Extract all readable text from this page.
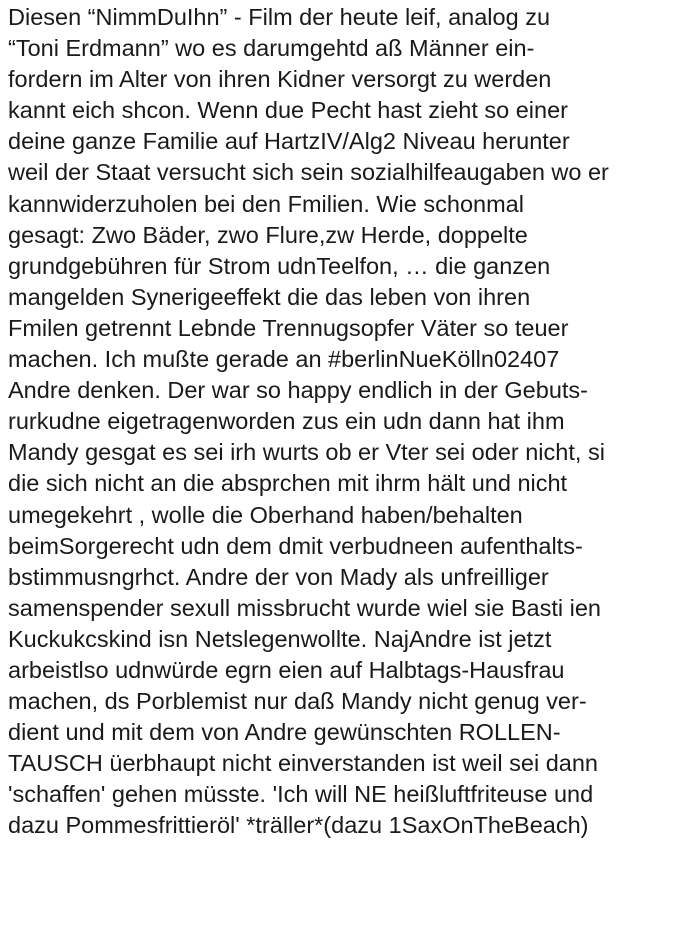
Diesen “NimmDuIhn” - Film der heute leif, analog zu
“Toni Erdmann” wo es darumgehtd aß Männer ein-
fordern im Alter von ihren Kidner versorgt zu werden
kannt eich shcon. Wenn due Pecht hast zieht so einer
deine ganze Familie auf HartzIV/Alg2 Niveau herunter
weil der Staat versucht sich sein sozialhilfeaugaben wo er
kannwiderzuholen bei den Fmilien. Wie schonmal
gesagt: Zwo Bäder, zwo Flure,zw Herde, doppelte
grundgebühren für Strom udnTeelfon, … die ganzen
mangelden Synerigeeffekt die das leben von ihren
Fmilen getrennt Lebnde Trennugsopfer Väter so teuer
machen. Ich mußte gerade an #berlinNueKölln02407
Andre denken. Der war so happy endlich in der Gebuts-
rurkudne eigetragenworden zus ein udn dann hat ihm
Mandy gesgat es sei irh wurts ob er Vter sei oder nicht, si
die sich nicht an die absprchen mit ihrm hält und nicht
umegekehrt , wolle die Oberhand haben/behalten
beimSorgerecht udn dem dmit verbudneen aufenthalts-
bstimmusngrhct. Andre der von Mady als unfreilliger
samenspender sexull missbrucht wurde wiel sie Basti ien
Kuckukcskind isn Netslegenwollte. NajAndre ist jetzt
arbeistlso udnwürde egrn eien auf Halbtags-Hausfrau
machen, ds Porblemist nur daß Mandy nicht genug ver-
dient und mit dem von Andre gewünschten ROLLEN-
TAUSCH üerbhaupt nicht einverstanden ist weil sei dann
'schaffen' gehen müsste. 'Ich will NE heißluftfriteuse und
dazu Pommesfrittieröl' *träller*(dazu 1SaxOnTheBeach)
